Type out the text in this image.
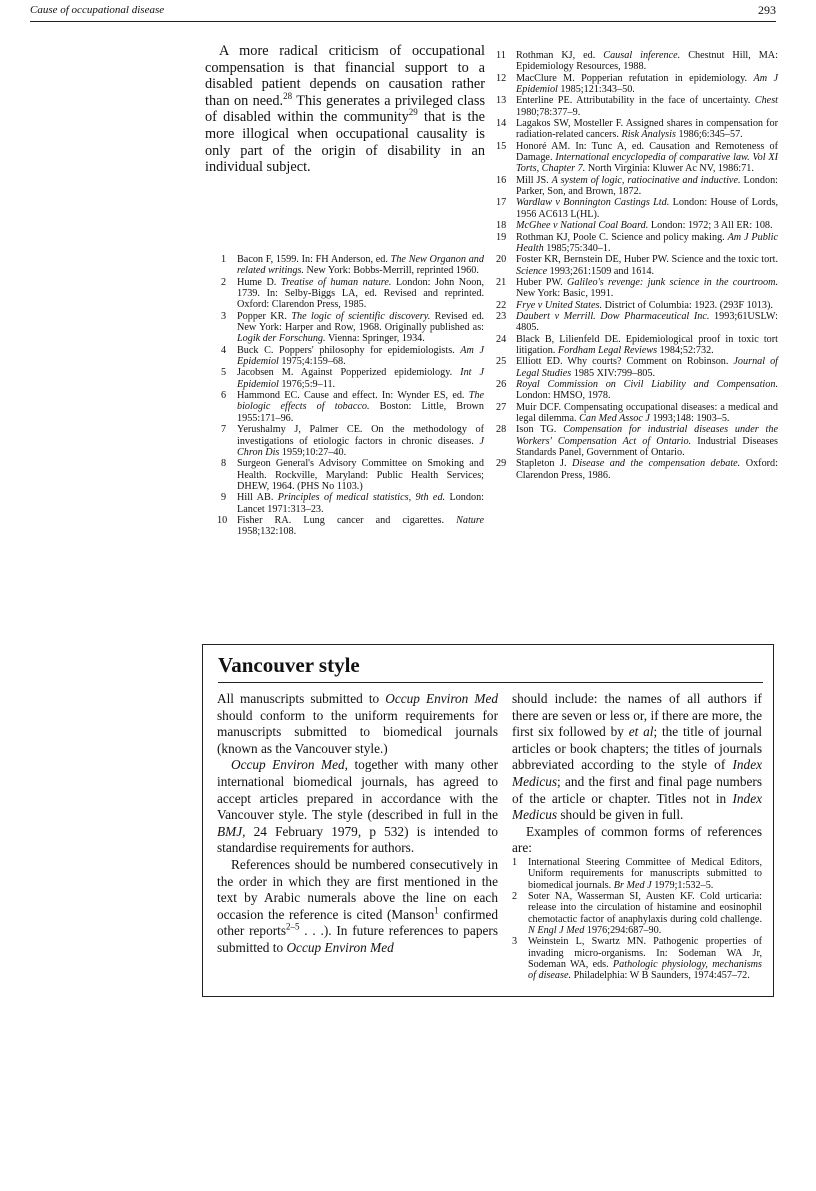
Cause of occupational disease	293

A more radical criticism of occupational compensation is that financial support to a disabled patient depends on causation rather than on need.$^{28}$ This generates a privileged class of disabled within the community$^{29}$ that is the more illogical when occupational causality is only part of the origin of disability in an individual subject.

1	Bacon F, 1599. In: FH Anderson, ed. The New Organon and related writings. New York: Bobbs-Merrill, reprinted 1960.
2	Hume D. Treatise of human nature. London: John Noon, 1739. In: Selby-Biggs LA, ed. Revised and reprinted. Oxford: Clarendon Press, 1985.
3	Popper KR. The logic of scientific discovery. Revised ed. New York: Harper and Row, 1968. Originally published as: Logik der Forschung. Vienna: Springer, 1934.
4	Buck C. Poppers' philosophy for epidemiologists. Am J Epidemiol 1975;4:159–68.
5	Jacobsen M. Against Popperized epidemiology. Int J Epidemiol 1976;5:9–11.
6	Hammond EC. Cause and effect. In: Wynder ES, ed. The biologic effects of tobacco. Boston: Little, Brown 1955:171–96.
7	Yerushalmy J, Palmer CE. On the methodology of investigations of etiologic factors in chronic diseases. J Chron Dis 1959;10:27–40.
8	Surgeon General's Advisory Committee on Smoking and Health. Rockville, Maryland: Public Health Services; DHEW, 1964. (PHS No 1103.)
9	Hill AB. Principles of medical statistics, 9th ed. London: Lancet 1971:313–23.
10 Fisher RA. Lung cancer and cigarettes. Nature 1958;132:108.
11 Rothman KJ, ed. Causal inference. Chestnut Hill, MA: Epidemiology Resources, 1988.
12 MacClure M. Popperian refutation in epidemiology. Am J Epidemiol 1985;121:343–50.
13 Enterline PE. Attributability in the face of uncertainty. Chest 1980;78:377–9.
14 Lagakos SW, Mosteller F. Assigned shares in compensation for radiation-related cancers. Risk Analysis 1986;6:345–57.
15 Honoré AM. In: Tunc A, ed. Causation and Remoteness of Damage. International encyclopedia of comparative law. Vol XI Torts, Chapter 7. North Virginia: Kluwer Ac NV, 1986:71.
16 Mill JS. A system of logic, ratiocinative and inductive. London: Parker, Son, and Brown, 1872.
17 Wardlaw v Bonnington Castings Ltd. London: House of Lords, 1956 AC613 L(HL).
18 McGhee v National Coal Board. London: 1972; 3 All ER: 108.
19 Rothman KJ, Poole C. Science and policy making. Am J Public Health 1985;75:340–1.
20 Foster KR, Bernstein DE, Huber PW. Science and the toxic tort. Science 1993;261:1509 and 1614.
21 Huber PW. Galileo's revenge: junk science in the courtroom. New York: Basic, 1991.
22 Frye v United States. District of Columbia: 1923. (293F 1013).
23 Daubert v Merrill. Dow Pharmaceutical Inc. 1993;61USLW: 4805.
24 Black B, Lilienfeld DE. Epidemiological proof in toxic tort litigation. Fordham Legal Reviews 1984;52:732.
25 Elliott ED. Why courts? Comment on Robinson. Journal of Legal Studies 1985 XIV:799–805.
26 Royal Commission on Civil Liability and Compensation. London: HMSO, 1978.
27 Muir DCF. Compensating occupational diseases: a medical and legal dilemma. Can Med Assoc J 1993;148: 1903–5.
28 Ison TG. Compensation for industrial diseases under the Workers' Compensation Act of Ontario. Industrial Diseases Standards Panel, Government of Ontario.
29 Stapleton J. Disease and the compensation debate. Oxford: Clarendon Press, 1986.
Vancouver style

All manuscripts submitted to Occup Environ Med should conform to the uniform requirements for manuscripts submitted to biomedical journals (known as the Vancouver style.)

Occup Environ Med, together with many other international biomedical journals, has agreed to accept articles prepared in accordance with the Vancouver style. The style (described in full in the BMJ, 24 February 1979, p 532) is intended to standardise requirements for authors.

References should be numbered consecutively in the order in which they are first mentioned in the text by Arabic numerals above the line on each occasion the reference is cited (Manson$^1$ confirmed other reports$^{2-5}$ . . .). In future references to papers submitted to Occup Environ Med

should include: the names of all authors if there are seven or less or, if there are more, the first six followed by et al; the title of journal articles or book chapters; the titles of journals abbreviated according to the style of Index Medicus; and the first and final page numbers of the article or chapter. Titles not in Index Medicus should be given in full.

Examples of common forms of references are:

1	International Steering Committee of Medical Editors, Uniform requirements for manuscripts submitted to biomedical journals. Br Med J 1979;1:532–5.
2	Soter NA, Wasserman SI, Austen KF. Cold urticaria: release into the circulation of histamine and eosinophil chemotactic factor of anaphylaxis during cold challenge. N Engl J Med 1976;294:687–90.
3	Weinstein L, Swartz MN. Pathogenic properties of invading micro-organisms. In: Sodeman WA Jr, Sodeman WA, eds. Pathologic physiology, mechanisms of disease. Philadelphia: W B Saunders, 1974:457–72.
